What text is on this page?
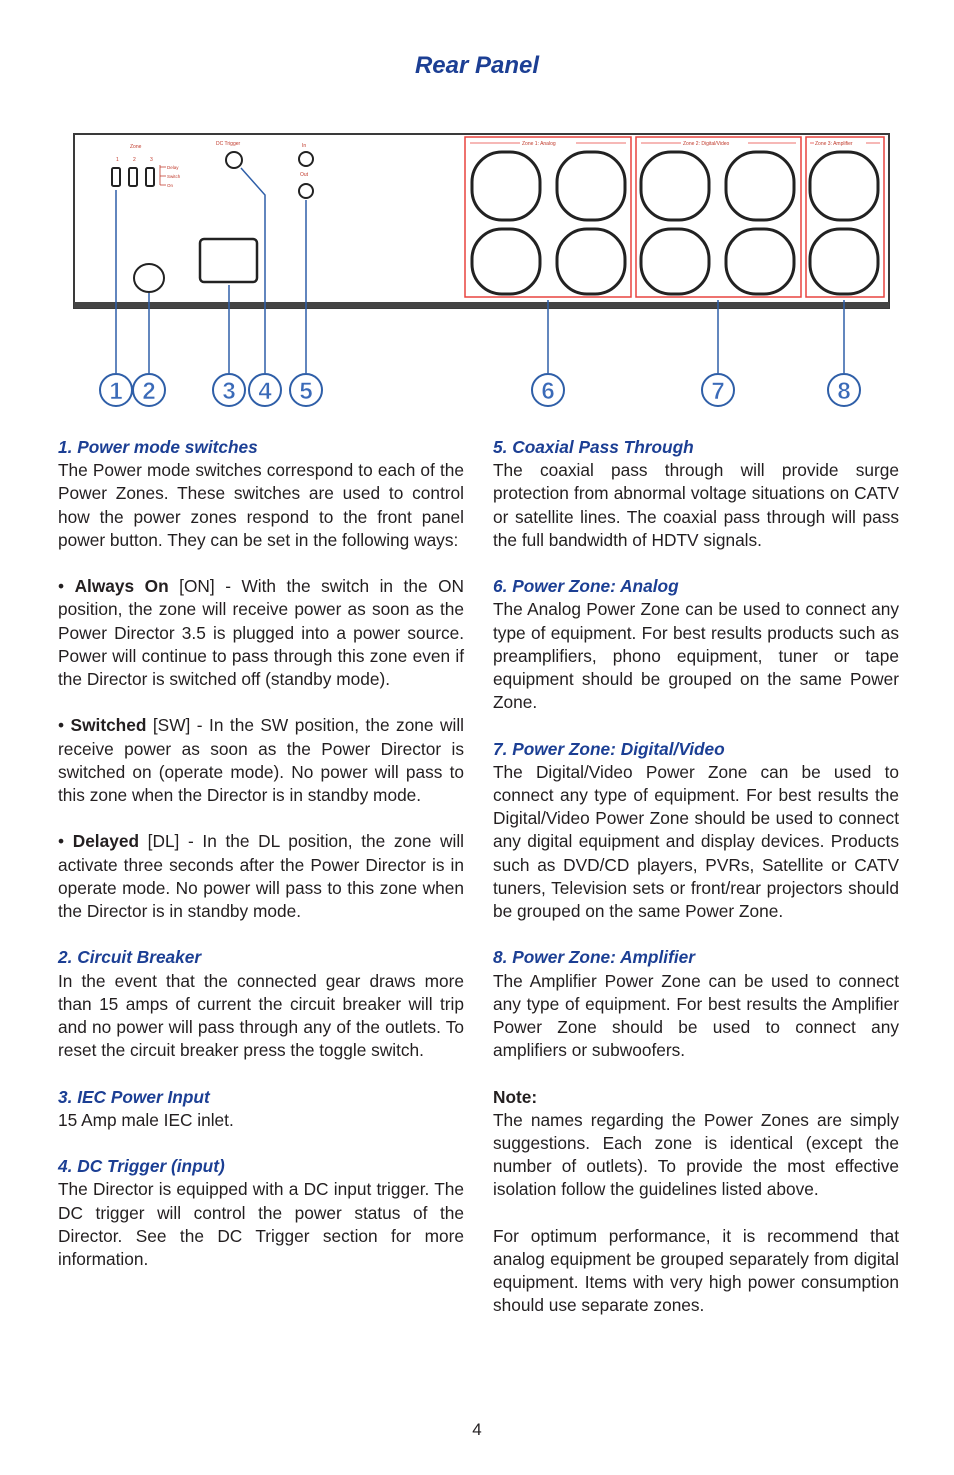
Rear Panel
Zone
1	2	3
Delay
Switch
On
DC Trigger	In
Out
Zone 1: Analog	Zone 2: Digital/Video	Zone 3: Amplifier
1 2	3 4 5	6	7	8
1. Power mode switches

The Power mode switches correspond to each of the Power Zones. These switches are used to control how the power zones respond to the front panel power button. They can be set in the following ways:

• Always On [ON] - With the switch in the ON position, the zone will receive power as soon as the Power Director 3.5 is plugged into a power source. Power will continue to pass through this zone even if the Director is switched off (standby mode).

• Switched [SW] - In the SW position, the zone will receive power as soon as the Power Director is switched on (operate mode). No power will pass to this zone when the Director is in standby mode.

• Delayed [DL] - In the DL position, the zone will activate three seconds after the Power Director is in operate mode. No power will pass to this zone when the Director is in standby mode.

2. Circuit Breaker

In the event that the connected gear draws more than 15 amps of current the circuit breaker will trip and no power will pass through any of the outlets. To reset the circuit breaker press the toggle switch.

3. IEC Power Input

15 Amp male IEC inlet.

4. DC Trigger (input)

The Director is equipped with a DC input trigger. The DC trigger will control the power status of the Director. See the DC Trigger section for more information.

5. Coaxial Pass Through

The coaxial pass through will provide surge protection from abnormal voltage situations on CATV or satellite lines. The coaxial pass through will pass the full bandwidth of HDTV signals.

6. Power Zone: Analog

The Analog Power Zone can be used to connect any type of equipment. For best results products such as preamplifiers, phono equipment, tuner or tape equipment should be grouped on the same Power Zone.

7. Power Zone: Digital/Video

The Digital/Video Power Zone can be used to connect any type of equipment. For best results the Digital/Video Power Zone should be used to connect any digital equipment and display devices. Products such as DVD/CD players, PVRs, Satellite or CATV tuners, Television sets or front/rear projectors should be grouped on the same Power Zone.

8. Power Zone: Amplifier

The Amplifier Power Zone can be used to connect any type of equipment. For best results the Amplifier Power Zone should be used to connect any amplifiers or subwoofers.

Note:

The names regarding the Power Zones are simply suggestions. Each zone is identical (except the number of outlets). To provide the most effective isolation follow the guidelines listed above.

For optimum performance, it is recommend that analog equipment be grouped separately from digital equipment. Items with very high power consumption should use separate zones.

4
